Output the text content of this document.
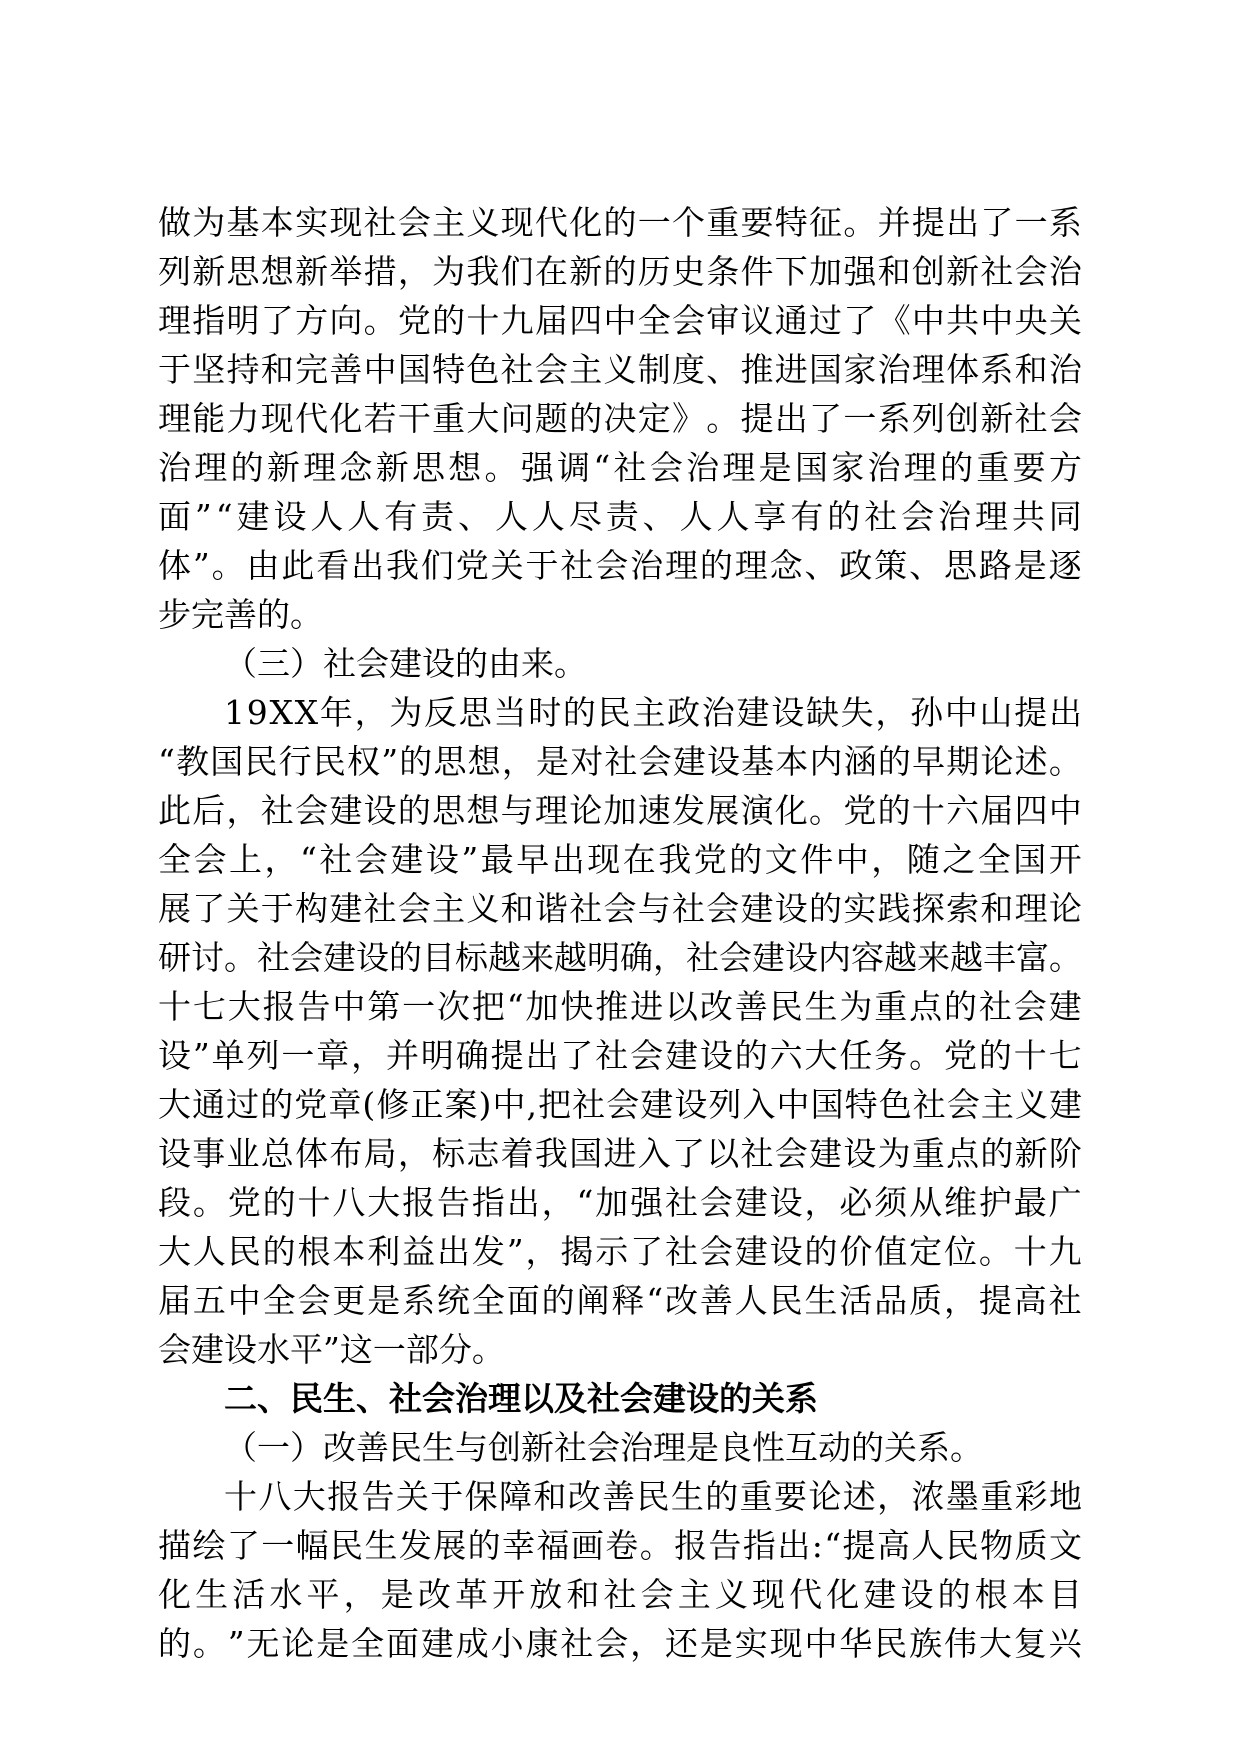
做 为 基 本 实 现 社 会 主 义 现 代 化 的 一 个 重 要 特 征 。 并 提 出 了 一 系
列 新 思 想 新 举 措 ， 为 我 们 在 新 的 历 史 条 件 下 加 强 和 创 新 社 会 治
理 指 明 了 方 向 。 党 的 十 九 届 四 中 全 会 审 议 通 过 了 《 中 共 中 央 关
于 坚 持 和 完 善 中 国 特 色 社 会 主 义 制 度 、 推 进 国 家 治 理 体 系 和 治
理 能 力 现 代 化 若 干 重 大 问 题 的 决 定 》 。 提 出 了 一 系 列 创 新 社 会
治 理 的 新 理 念 新 思 想 。 强 调 “ 社 会 治 理 是 国 家 治 理 的 重 要 方
面 ” “ 建 设 人 人 有 责 、 人 人 尽 责 、 人 人 享 有 的 社 会 治 理 共 同
体 ” 。 由 此 看 出 我 们 党 关 于 社 会 治 理 的 理 念 、 政 策 、 思 路 是 逐
步完善的。
（三）社会建设的由来。
1 9 X X 年 ， 为 反 思 当 时 的 民 主 政 治 建 设 缺 失 ， 孙 中 山 提 出
“ 教 国 民 行 民 权 ” 的 思 想 ， 是 对 社 会 建 设 基 本 内 涵 的 早 期 论 述 。
此 后 ， 社 会 建 设 的 思 想 与 理 论 加 速 发 展 演 化 。 党 的 十 六 届 四 中
全 会 上 ， “ 社 会 建 设 ” 最 早 出 现 在 我 党 的 文 件 中 ， 随 之 全 国 开
展 了 关 于 构 建 社 会 主 义 和 谐 社 会 与 社 会 建 设 的 实 践 探 索 和 理 论
研 讨 。 社 会 建 设 的 目 标 越 来 越 明 确 ， 社 会 建 设 内 容 越 来 越 丰 富 。
十 七 大 报 告 中 第 一 次 把 “ 加 快 推 进 以 改 善 民 生 为 重 点 的 社 会 建
设 ” 单 列 一 章 ， 并 明 确 提 出 了 社 会 建 设 的 六 大 任 务 。 党 的 十 七
大 通 过 的 党 章 ( 修 正 案 ) 中 , 把 社 会 建 设 列 入 中 国 特 色 社 会 主 义 建
设 事 业 总 体 布 局 ， 标 志 着 我 国 进 入 了 以 社 会 建 设 为 重 点 的 新 阶
段 。 党 的 十 八 大 报 告 指 出 ， “ 加 强 社 会 建 设 ， 必 须 从 维 护 最 广
大 人 民 的 根 本 利 益 出 发 ” ， 揭 示 了 社 会 建 设 的 价 值 定 位 。 十 九
届 五 中 全 会 更 是 系 统 全 面 的 阐 释 “ 改 善 人 民 生 活 品 质 ， 提 高 社
会建设水平”这一部分。
二、民生、社会治理以及社会建设的关系
（一）改善民生与创新社会治理是良性互动的关系。
十 八 大 报 告 关 于 保 障 和 改 善 民 生 的 重 要 论 述 ， 浓 墨 重 彩 地
描 绘 了 一 幅 民 生 发 展 的 幸 福 画 卷 。 报 告 指 出 : “ 提 高 人 民 物 质 文
化 生 活 水 平 ， 是 改 革 开 放 和 社 会 主 义 现 代 化 建 设 的 根 本 目
的 。 ” 无 论 是 全 面 建 成 小 康 社 会 ， 还 是 实 现 中 华 民 族 伟 大 复 兴
